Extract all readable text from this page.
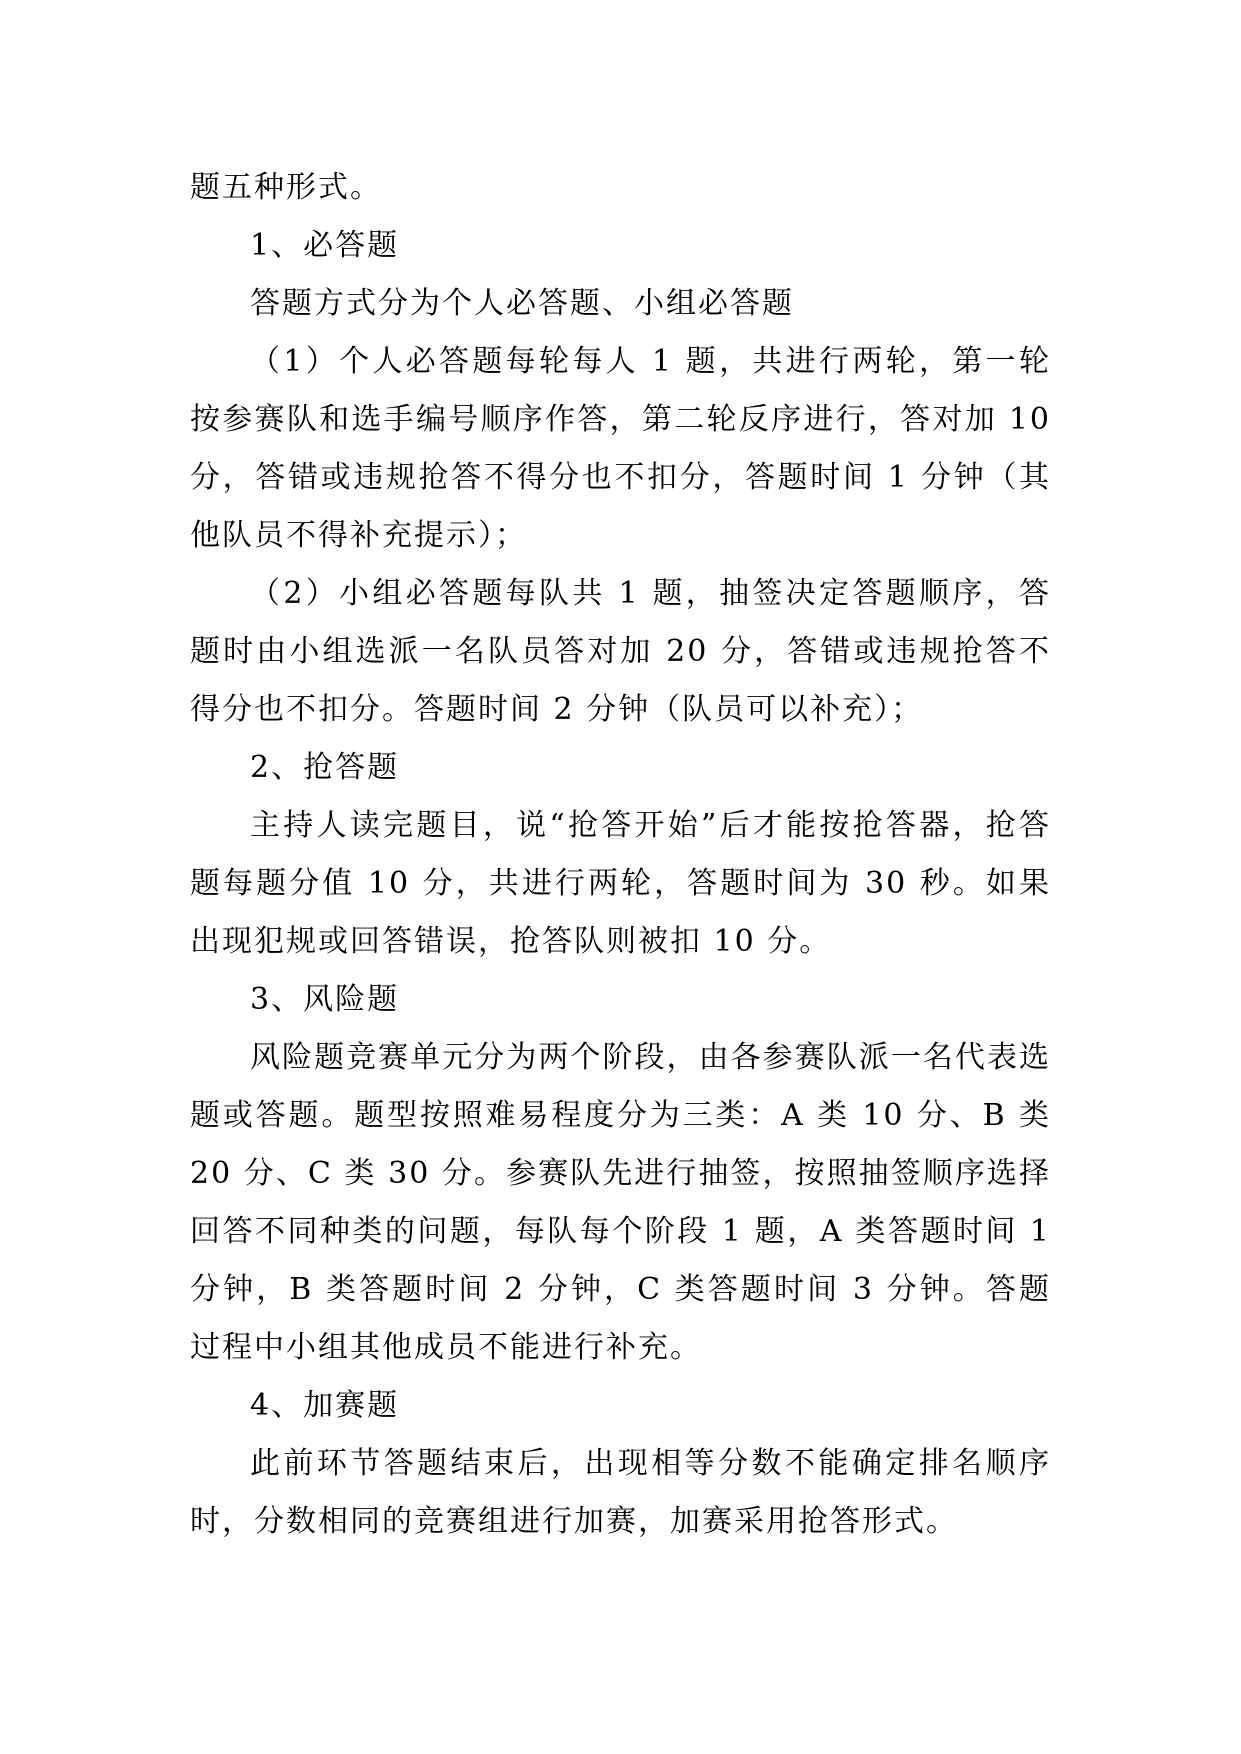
题五种形式。

1、必答题

答题方式分为个人必答题、小组必答题

（1）个人必答题每轮每人 1 题，共进行两轮，第一轮按参赛队和选手编号顺序作答，第二轮反序进行，答对加 10 分，答错或违规抢答不得分也不扣分，答题时间 1 分钟（其他队员不得补充提示）；

（2）小组必答题每队共 1 题，抽签决定答题顺序，答题时由小组选派一名队员答对加 20 分，答错或违规抢答不得分也不扣分。答题时间 2 分钟（队员可以补充）；

2、抢答题

主持人读完题目，说“抢答开始”后才能按抢答器，抢答题每题分值 10 分，共进行两轮，答题时间为 30 秒。如果出现犯规或回答错误，抢答队则被扣 10 分。

3、风险题

风险题竞赛单元分为两个阶段，由各参赛队派一名代表选题或答题。题型按照难易程度分为三类：A 类 10 分、B 类 20 分、C 类 30 分。参赛队先进行抽签，按照抽签顺序选择回答不同种类的问题，每队每个阶段 1 题，A 类答题时间 1 分钟，B 类答题时间 2 分钟，C 类答题时间 3 分钟。答题过程中小组其他成员不能进行补充。

4、加赛题

此前环节答题结束后，出现相等分数不能确定排名顺序时，分数相同的竞赛组进行加赛，加赛采用抢答形式。
